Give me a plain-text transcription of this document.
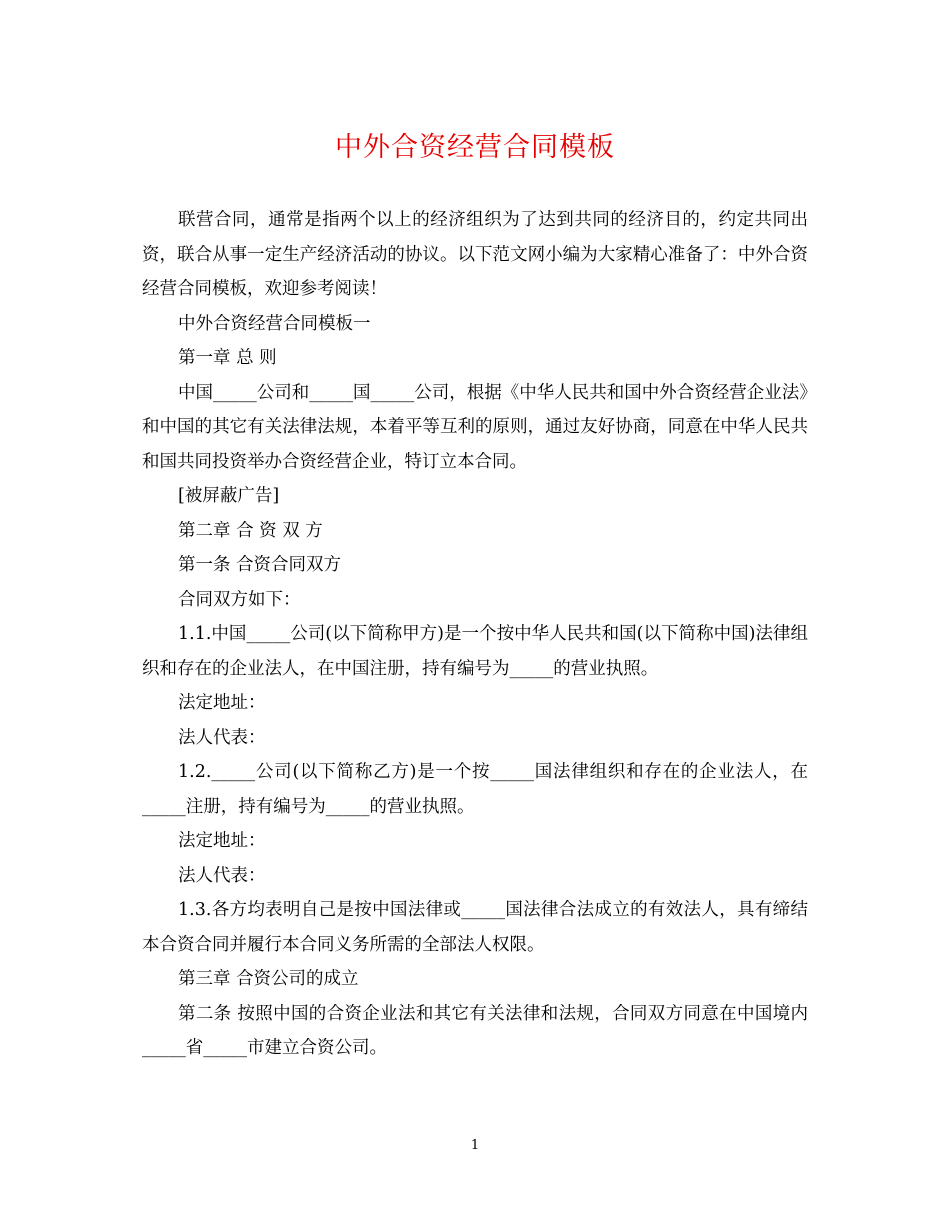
中外合资经营合同模板

联营合同，通常是指两个以上的经济组织为了达到共同的经济目的，约定共同出资，联合从事一定生产经济活动的协议。以下范文网小编为大家精心准备了：中外合资经营合同模板，欢迎参考阅读！

中外合资经营合同模板一

第一章 总 则

中国_____公司和_____国_____公司，根据《中华人民共和国中外合资经营企业法》和中国的其它有关法律法规，本着平等互利的原则，通过友好协商，同意在中华人民共和国共同投资举办合资经营企业，特订立本合同。

[被屏蔽广告]

第二章 合 资 双 方

第一条 合资合同双方

合同双方如下：

1.1.中国_____公司(以下简称甲方)是一个按中华人民共和国(以下简称中国)法律组织和存在的企业法人，在中国注册，持有编号为_____的营业执照。

法定地址：

法人代表：

1.2._____公司(以下简称乙方)是一个按_____国法律组织和存在的企业法人，在_____注册，持有编号为_____的营业执照。

法定地址：

法人代表：

1.3.各方均表明自己是按中国法律或_____国法律合法成立的有效法人，具有缔结本合资合同并履行本合同义务所需的全部法人权限。

第三章 合资公司的成立

第二条 按照中国的合资企业法和其它有关法律和法规，合同双方同意在中国境内_____省_____市建立合资公司。

1
